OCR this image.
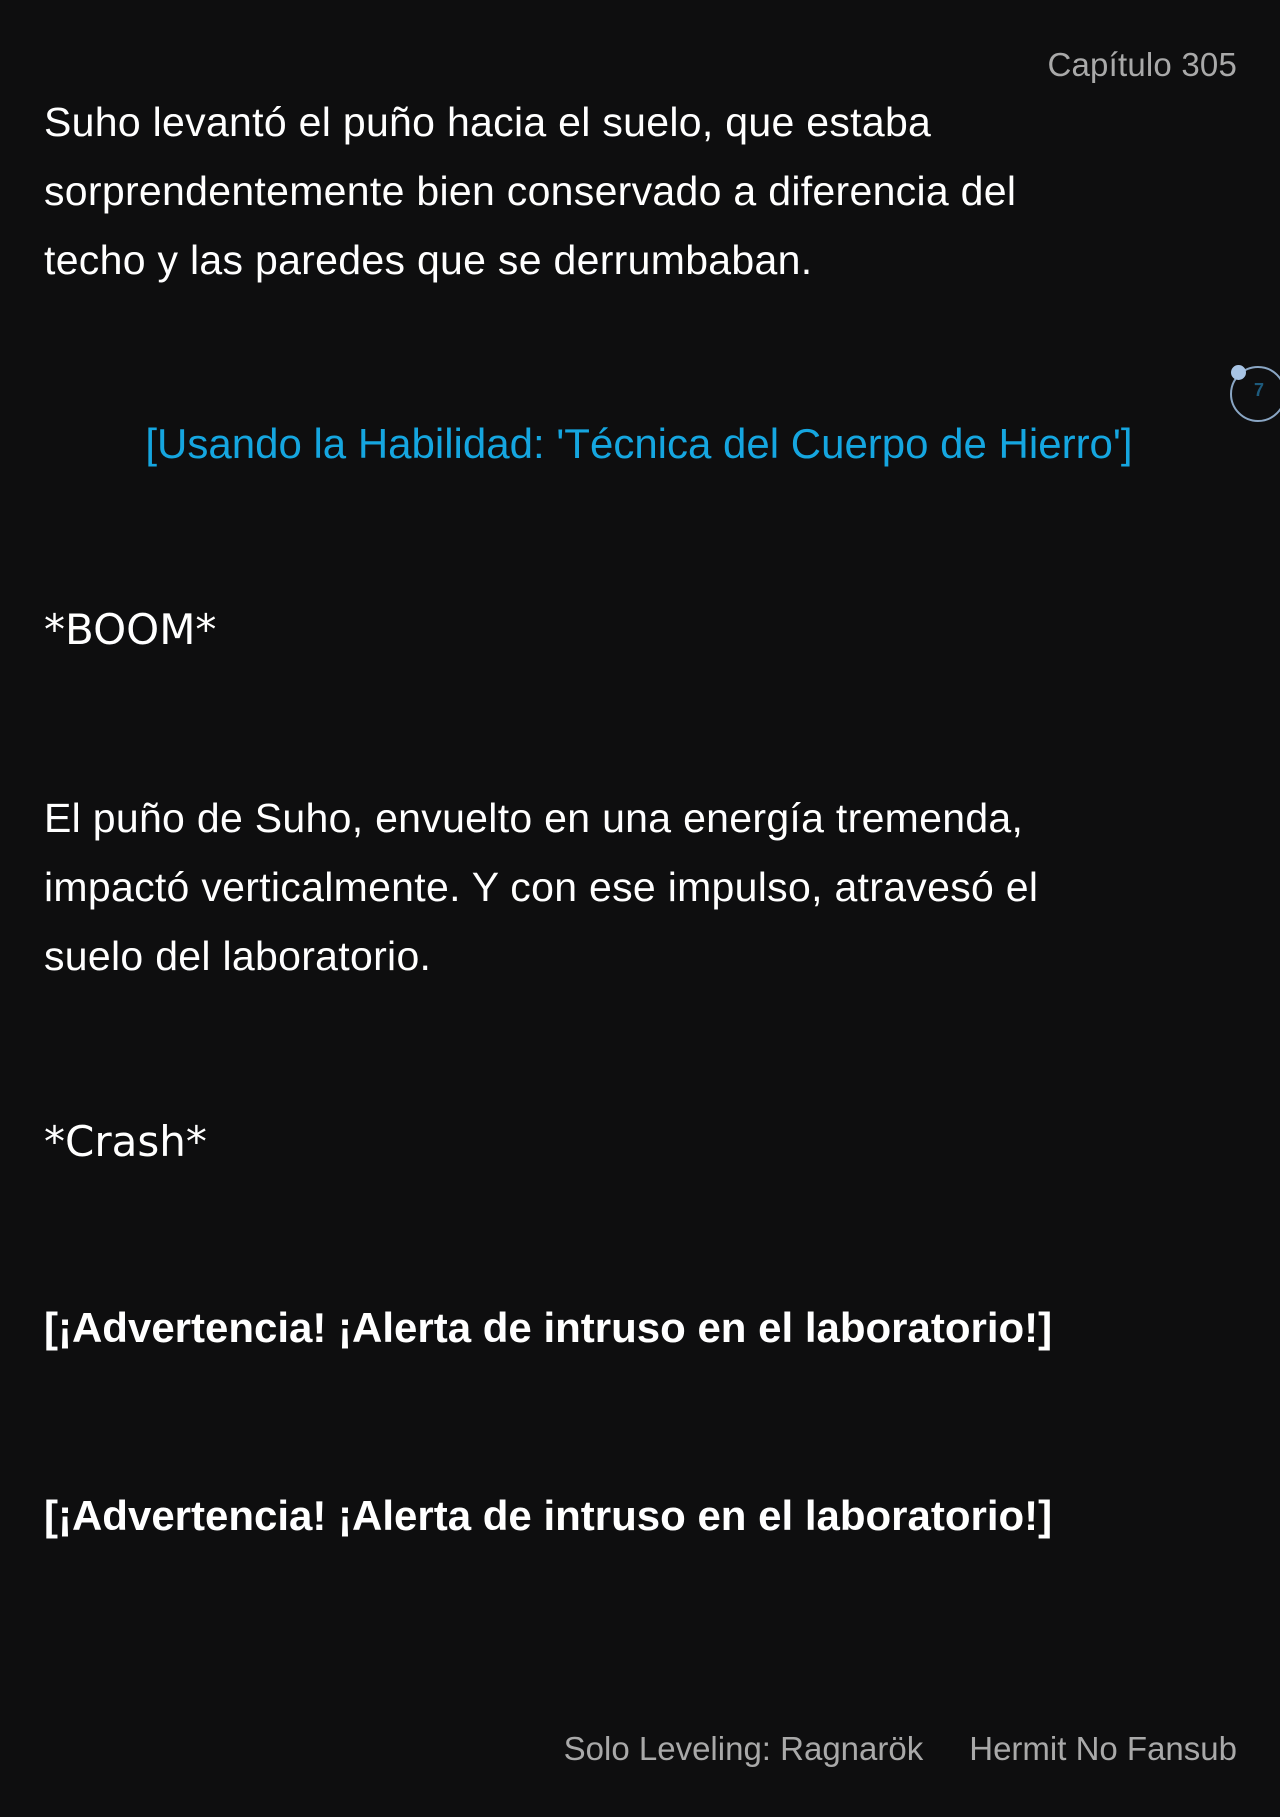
Capítulo 305
7
Suho levantó el puño hacia el suelo, que estaba
sorprendentemente bien conservado a diferencia del
techo y las paredes que se derrumbaban.
[Usando la Habilidad: 'Técnica del Cuerpo de Hierro']
*BOOM*
El puño de Suho, envuelto en una energía tremenda,
impactó verticalmente. Y con ese impulso, atravesó el
suelo del laboratorio.
*Crash*
[¡Advertencia! ¡Alerta de intruso en el laboratorio!]
[¡Advertencia! ¡Alerta de intruso en el laboratorio!]
Solo Leveling: Ragnarök Hermit No Fansub
